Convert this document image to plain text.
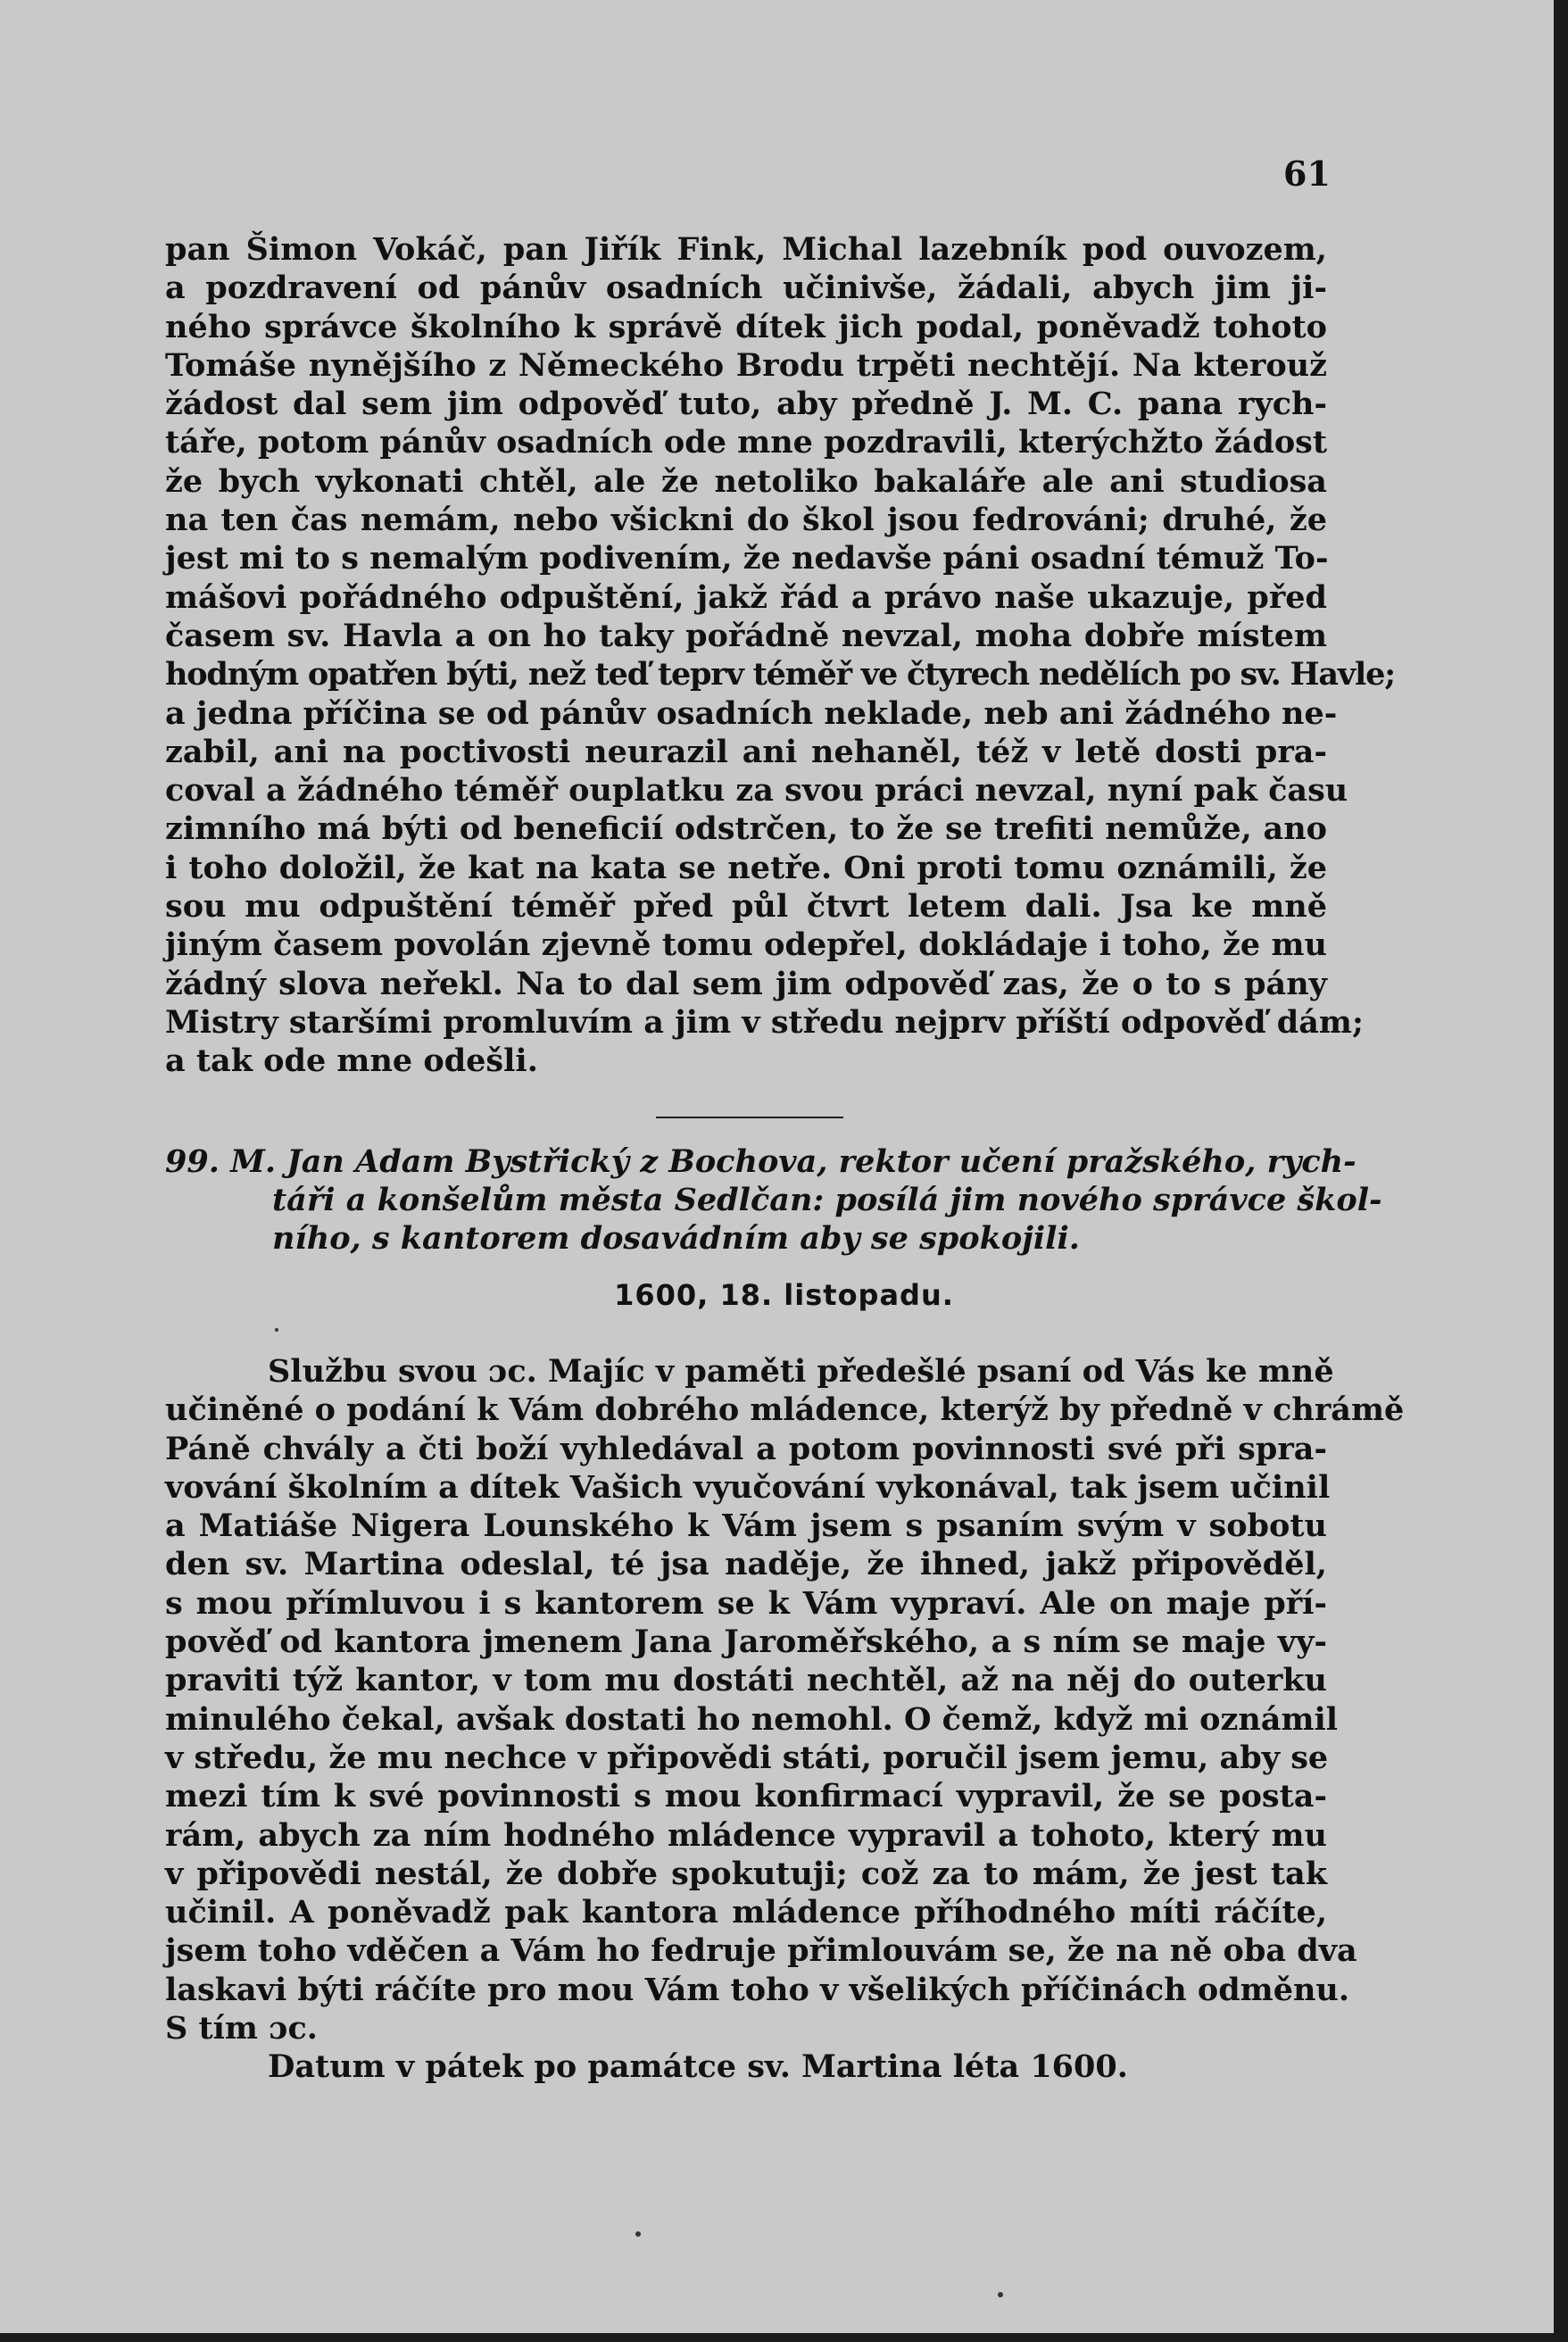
61
pan Šimon Vokáč, pan Jiřík Fink, Michal lazebník pod ouvozem,
a pozdravení od pánův osadních učinivše, žádali, abych jim ji-
ného správce školního k správě dítek jich podal, poněvadž tohoto
Tomáše nynějšího z Německého Brodu trpěti nechtějí. Na kterouž
žádost dal sem jim odpověď tuto, aby předně J. M. C. pana rych-
táře, potom pánův osadních ode mne pozdravili, kterýchžto žádost
že bych vykonati chtěl, ale že netoliko bakaláře ale ani studiosa
na ten čas nemám, nebo všickni do škol jsou fedrováni; druhé, že
jest mi to s nemalým podivením, že nedavše páni osadní témuž To-
mášovi pořádného odpuštění, jakž řád a právo naše ukazuje, před
časem sv. Havla a on ho taky pořádně nevzal, moha dobře místem
hodným opatřen býti, než teď teprv téměř ve čtyrech nedělích po sv. Havle;
a jedna příčina se od pánův osadních neklade, neb ani žádného ne-
zabil, ani na poctivosti neurazil ani nehaněl, též v letě dosti pra-
coval a žádného téměř ouplatku za svou práci nevzal, nyní pak času
zimního má býti od beneficií odstrčen, to že se trefiti nemůže, ano
i toho doložil, že kat na kata se netře. Oni proti tomu oznámili, že
sou mu odpuštění téměř před půl čtvrt letem dali. Jsa ke mně
jiným časem povolán zjevně tomu odepřel, dokládaje i toho, že mu
žádný slova neřekl. Na to dal sem jim odpověď zas, že o to s pány
Mistry staršími promluvím a jim v středu nejprv příští odpověď dám;
a tak ode mne odešli.
99. M. Jan Adam Bystřický z Bochova, rektor učení pražského, rych-
táři a konšelům města Sedlčan: posílá jim nového správce škol-
ního, s kantorem dosavádním aby se spokojili.
1600, 18. listopadu.
Službu svou ɔc. Majíc v paměti předešlé psaní od Vás ke mně
učiněné o podání k Vám dobrého mládence, kterýž by předně v chrámě
Páně chvály a čti boží vyhledával a potom povinnosti své při spra-
vování školním a dítek Vašich vyučování vykonával, tak jsem učinil
a Matiáše Nigera Lounského k Vám jsem s psaním svým v sobotu
den sv. Martina odeslal, té jsa naděje, že ihned, jakž připověděl,
s mou přímluvou i s kantorem se k Vám vypraví. Ale on maje pří-
pověď od kantora jmenem Jana Jaroměřského, a s ním se maje vy-
praviti týž kantor, v tom mu dostáti nechtěl, až na něj do outerku
minulého čekal, avšak dostati ho nemohl. O čemž, když mi oznámil
v středu, že mu nechce v připovědi státi, poručil jsem jemu, aby se
mezi tím k své povinnosti s mou konfirmací vypravil, že se posta-
rám, abych za ním hodného mládence vypravil a tohoto, který mu
v připovědi nestál, že dobře spokutuji; což za to mám, že jest tak
učinil. A poněvadž pak kantora mládence příhodného míti ráčíte,
jsem toho vděčen a Vám ho fedruje přimlouvám se, že na ně oba dva
laskavi býti ráčíte pro mou Vám toho v všelikých příčinách odměnu.
S tím ɔc.
Datum v pátek po památce sv. Martina léta 1600.
